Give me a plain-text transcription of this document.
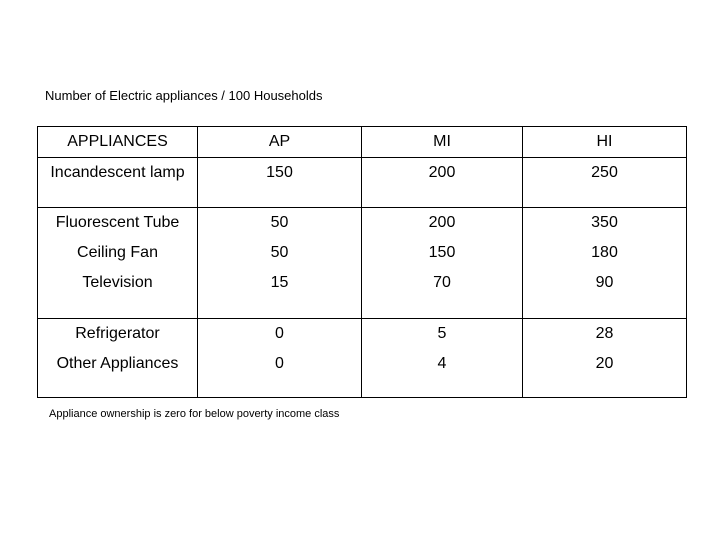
Number of Electric appliances / 100 Households
APPLIANCES	AP	MI	HI
Incandescent lamp	150	200	250
Fluorescent Tube	50	200	350
Ceiling Fan	50	150	180
Television	15	70	90
Refrigerator	0	5	28
Other Appliances	0	4	20
Appliance ownership is zero for below poverty income class
